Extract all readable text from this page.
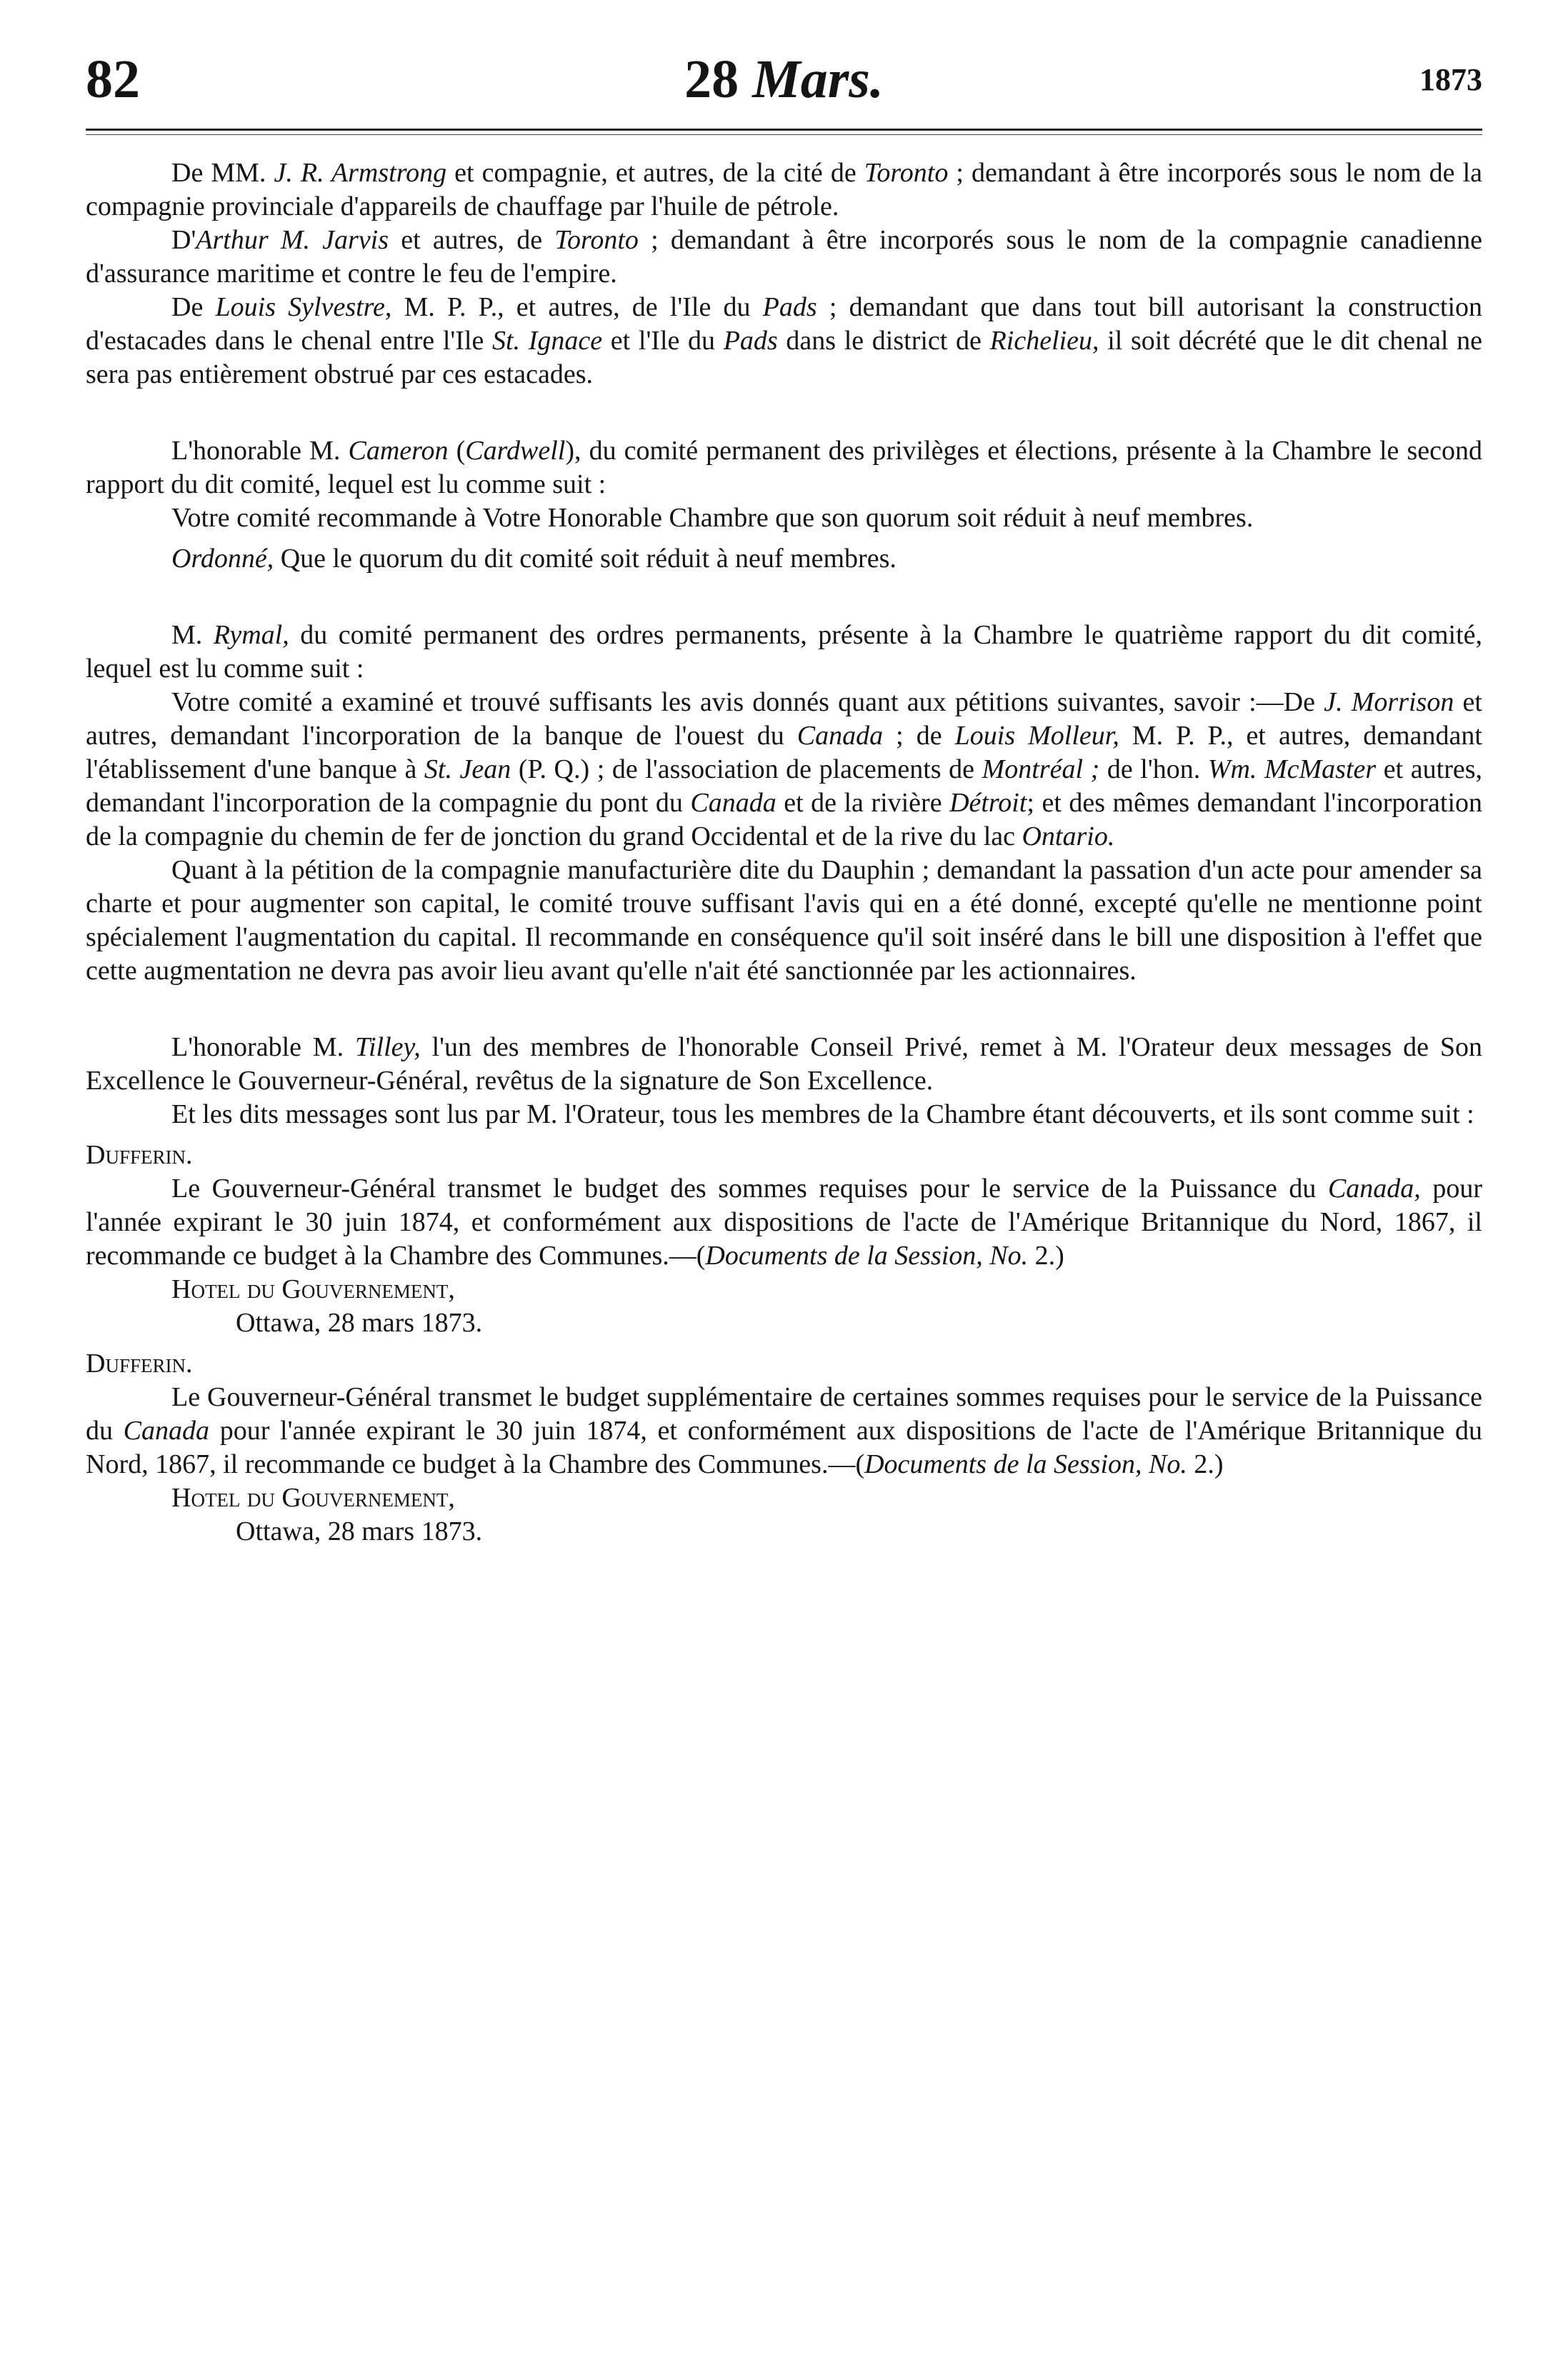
82	28 Mars.	1873

De MM. J. R. Armstrong et compagnie, et autres, de la cité de Toronto ; demandant à être incorporés sous le nom de la compagnie provinciale d'appareils de chauffage par l'huile de pétrole.

D'Arthur M. Jarvis et autres, de Toronto ; demandant à être incorporés sous le nom de la compagnie canadienne d'assurance maritime et contre le feu de l'empire.

De Louis Sylvestre, M. P. P., et autres, de l'Ile du Pads ; demandant que dans tout bill autorisant la construction d'estacades dans le chenal entre l'Ile St. Ignace et l'Ile du Pads dans le district de Richelieu, il soit décrété que le dit chenal ne sera pas entièrement obstrué par ces estacades.

L'honorable M. Cameron (Cardwell), du comité permanent des privilèges et élections, présente à la Chambre le second rapport du dit comité, lequel est lu comme suit :

Votre comité recommande à Votre Honorable Chambre que son quorum soit réduit à neuf membres.

Ordonné, Que le quorum du dit comité soit réduit à neuf membres.

M. Rymal, du comité permanent des ordres permanents, présente à la Chambre le quatrième rapport du dit comité, lequel est lu comme suit :

Votre comité a examiné et trouvé suffisants les avis donnés quant aux pétitions suivantes, savoir :—De J. Morrison et autres, demandant l'incorporation de la banque de l'ouest du Canada ; de Louis Molleur, M. P. P., et autres, demandant l'établissement d'une banque à St. Jean (P. Q.) ; de l'association de placements de Montréal ; de l'hon. Wm. McMaster et autres, demandant l'incorporation de la compagnie du pont du Canada et de la rivière Détroit; et des mêmes demandant l'incorporation de la compagnie du chemin de fer de jonction du grand Occidental et de la rive du lac Ontario.

Quant à la pétition de la compagnie manufacturière dite du Dauphin ; demandant la passation d'un acte pour amender sa charte et pour augmenter son capital, le comité trouve suffisant l'avis qui en a été donné, excepté qu'elle ne mentionne point spécialement l'augmentation du capital. Il recommande en conséquence qu'il soit inséré dans le bill une disposition à l'effet que cette augmentation ne devra pas avoir lieu avant qu'elle n'ait été sanctionnée par les actionnaires.

L'honorable M. Tilley, l'un des membres de l'honorable Conseil Privé, remet à M. l'Orateur deux messages de Son Excellence le Gouverneur-Général, revêtus de la signature de Son Excellence.

Et les dits messages sont lus par M. l'Orateur, tous les membres de la Chambre étant découverts, et ils sont comme suit :

Dufferin.

Le Gouverneur-Général transmet le budget des sommes requises pour le service de la Puissance du Canada, pour l'année expirant le 30 juin 1874, et conformément aux dispositions de l'acte de l'Amérique Britannique du Nord, 1867, il recommande ce budget à la Chambre des Communes.—(Documents de la Session, No. 2.)

Hotel du Gouvernement,

Ottawa, 28 mars 1873.

Dufferin.

Le Gouverneur-Général transmet le budget supplémentaire de certaines sommes requises pour le service de la Puissance du Canada pour l'année expirant le 30 juin 1874, et conformément aux dispositions de l'acte de l'Amérique Britannique du Nord, 1867, il recommande ce budget à la Chambre des Communes.—(Documents de la Session, No. 2.)

Hotel du Gouvernement,

Ottawa, 28 mars 1873.
